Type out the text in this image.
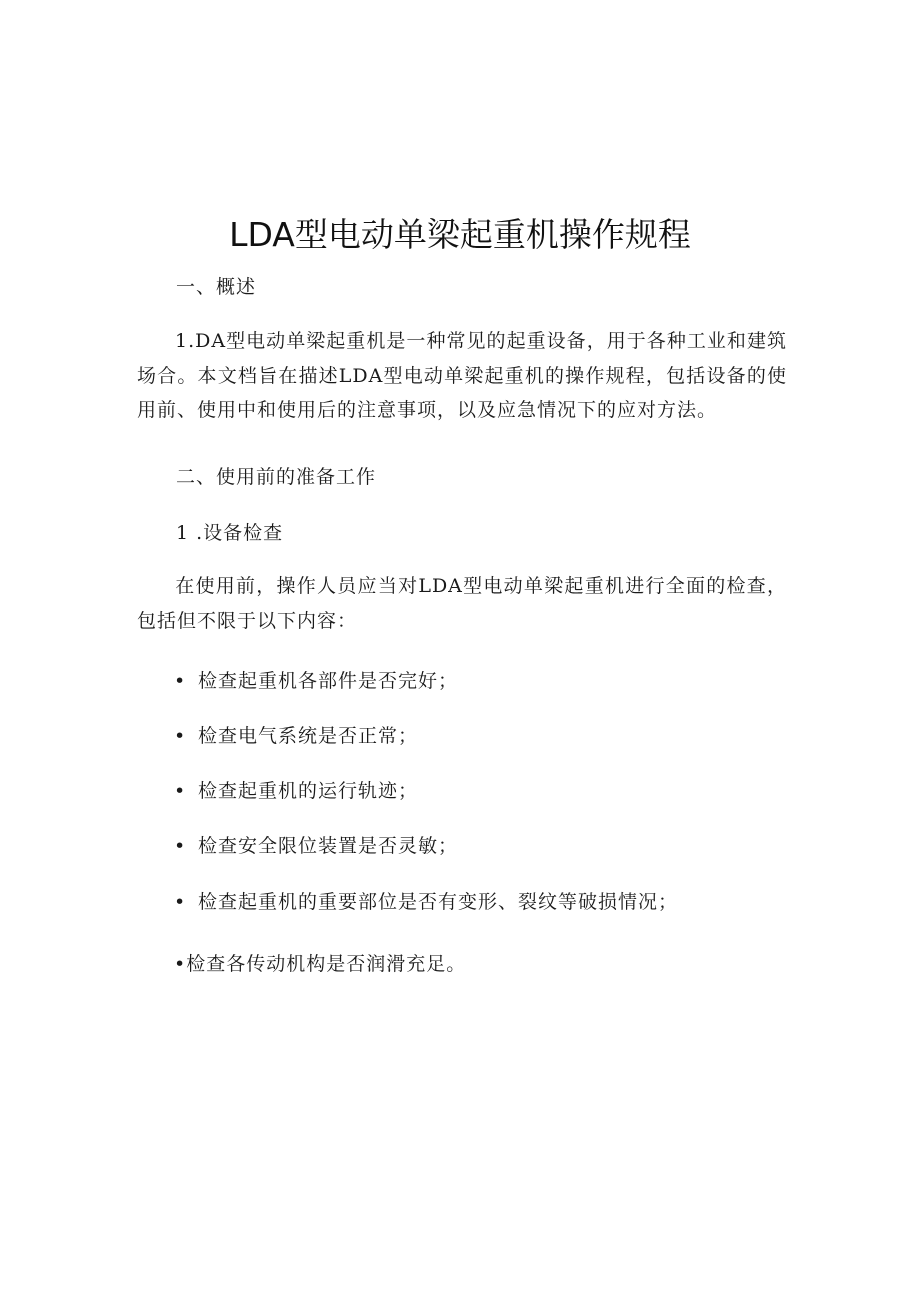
LDA型电动单梁起重机操作规程
一、概述
1.DA型电动单梁起重机是一种常见的起重设备，用于各种工业和建筑场合。本文档旨在描述LDA型电动单梁起重机的操作规程，包括设备的使用前、使用中和使用后的注意事项，以及应急情况下的应对方法。
二、使用前的准备工作
1 .设备检查
在使用前，操作人员应当对LDA型电动单梁起重机进行全面的检查，包括但不限于以下内容：
• 检查起重机各部件是否完好；
• 检查电气系统是否正常；
• 检查起重机的运行轨迹；
• 检查安全限位装置是否灵敏；
• 检查起重机的重要部位是否有变形、裂纹等破损情况；
•检查各传动机构是否润滑充足。
